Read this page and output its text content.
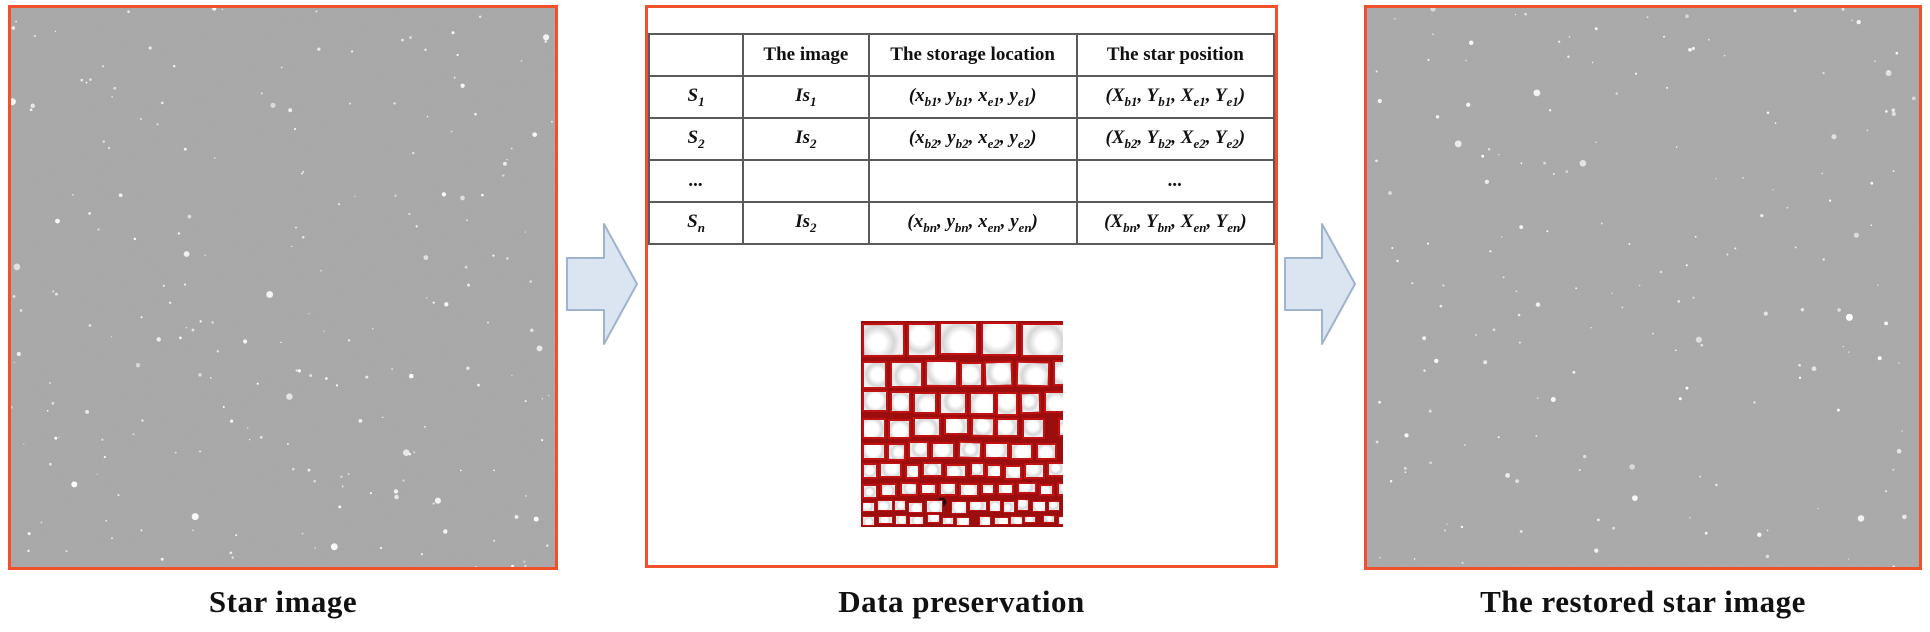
	The image	The storage location	The star position
$S_1$	$Is_1$	($x_{b1}$, $y_{b1}$, $x_{e1}$, $y_{e1}$)	($X_{b1}$, $Y_{b1}$, $X_{e1}$, $Y_{e1}$)
$S_2$	$Is_2$	($x_{b2}$, $y_{b2}$, $x_{e2}$, $y_{e2}$)	($X_{b2}$, $Y_{b2}$, $X_{e2}$, $Y_{e2}$)
...			...
$S_n$	$Is_2$	($x_{bn}$, $y_{bn}$, $x_{en}$, $y_{en}$)	($X_{bn}$, $Y_{bn}$, $X_{en}$, $Y_{en}$)
Star image	Data preservation	The restored star image
